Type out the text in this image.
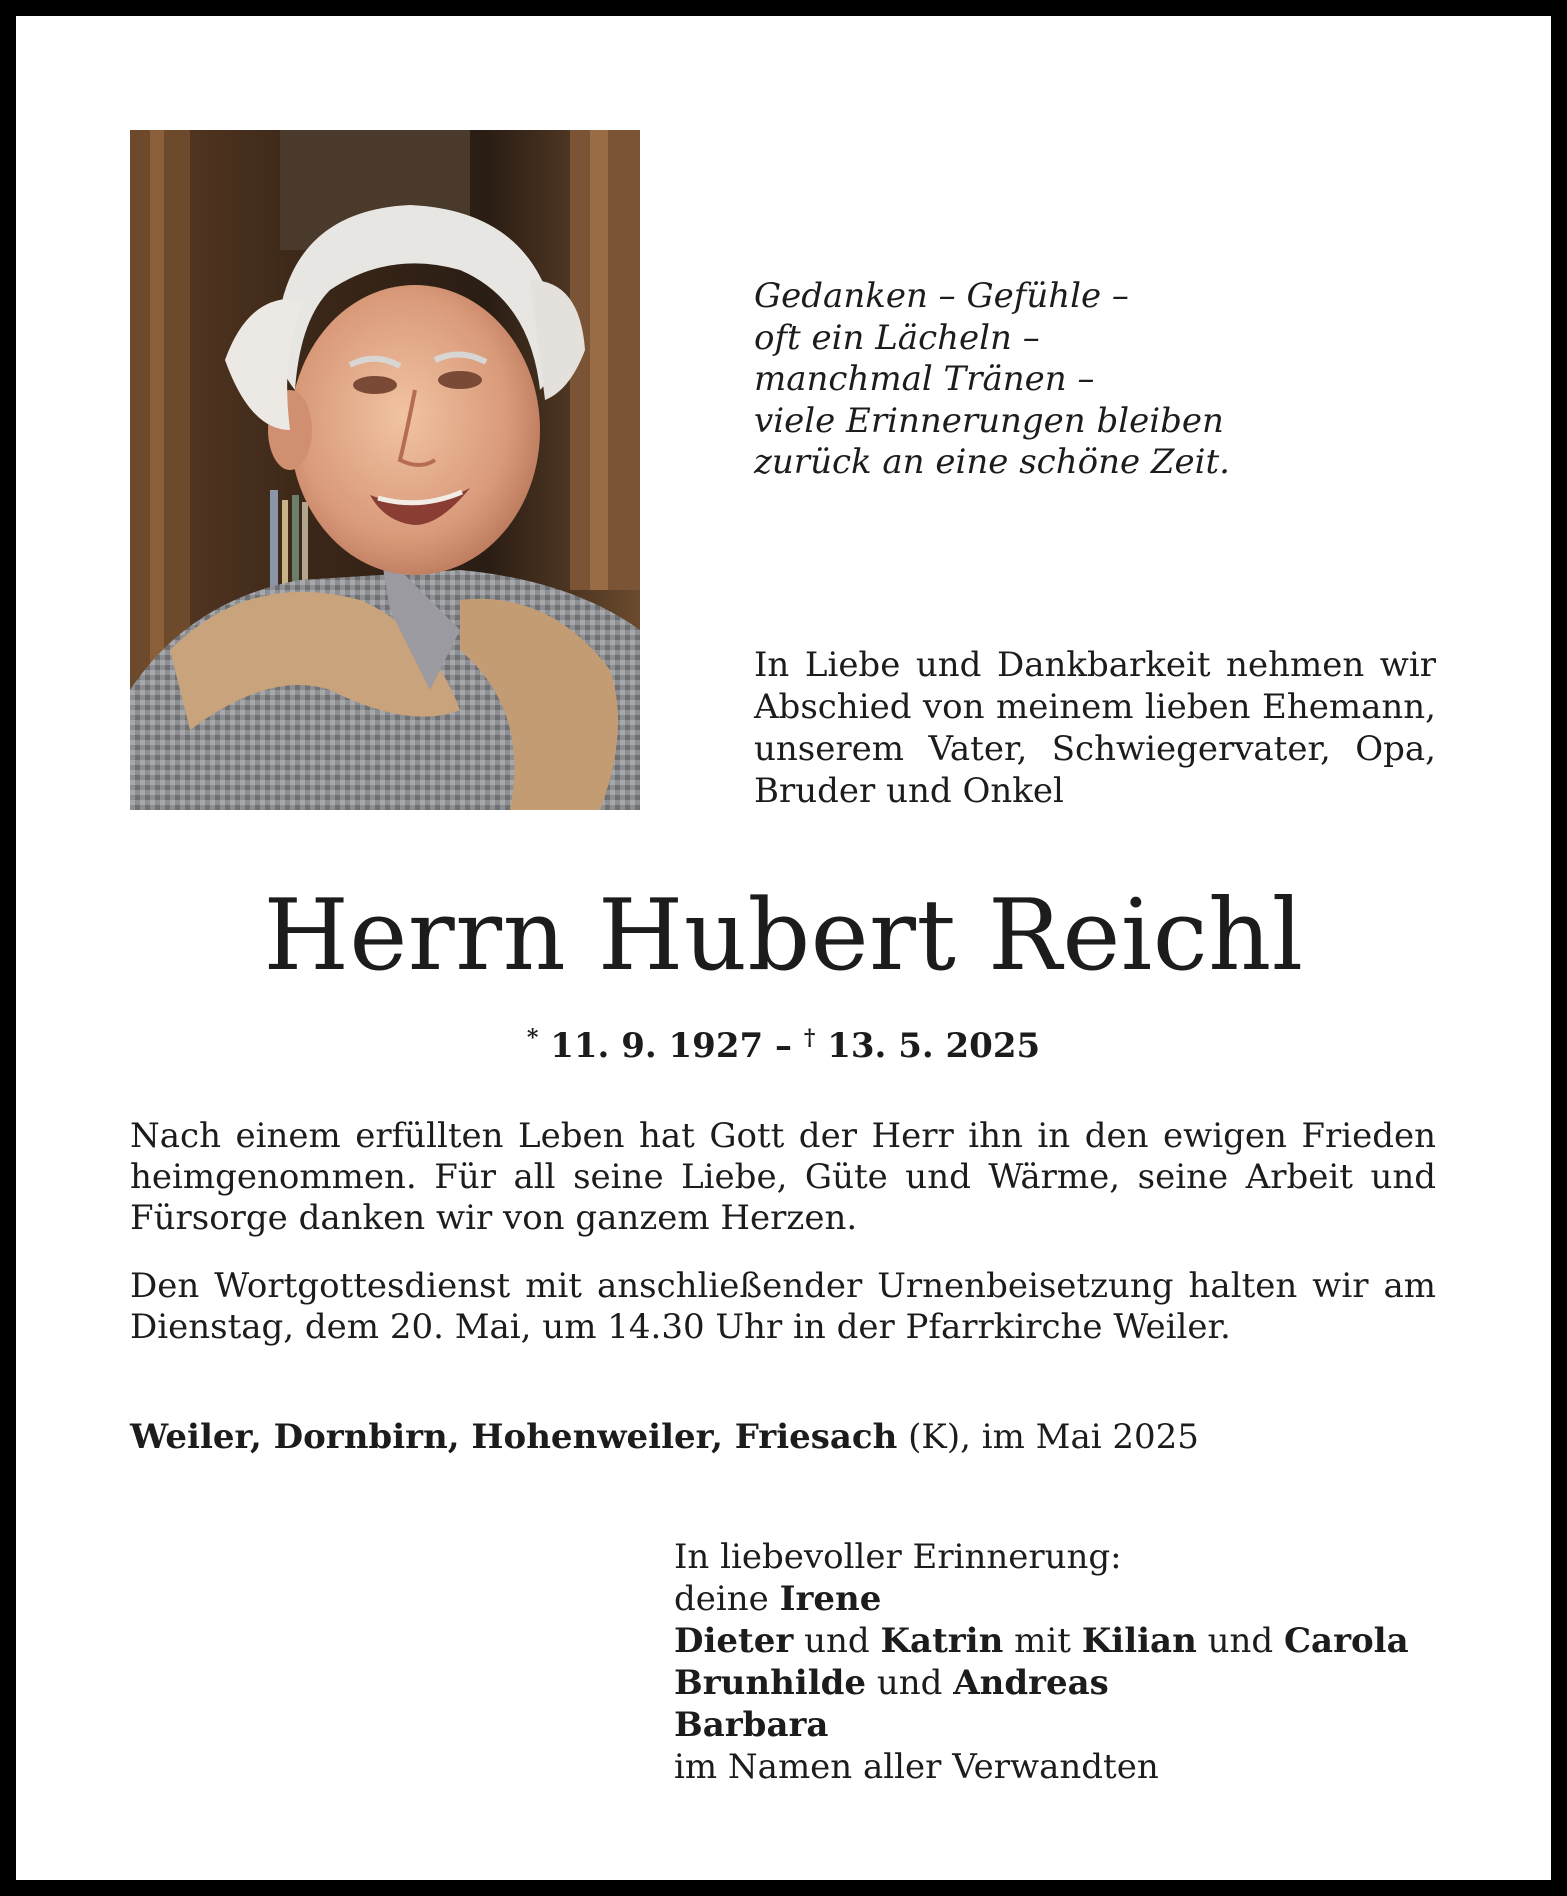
Gedanken – Gefühle –
oft ein Lächeln –
manchmal Tränen –
viele Erinnerungen bleiben
zurück an eine schöne Zeit.
In Liebe und Dankbarkeit nehmen wir Abschied von meinem lieben Ehemann, unserem Vater, Schwiegervater, Opa, Bruder und Onkel
Herrn Hubert Reichl
* 11. 9. 1927 – † 13. 5. 2025
Nach einem erfüllten Leben hat Gott der Herr ihn in den ewigen Frieden heimgenommen. Für all seine Liebe, Güte und Wärme, seine Arbeit und Fürsorge danken wir von ganzem Herzen.
Den Wortgottesdienst mit anschließender Urnenbeisetzung halten wir am Dienstag, dem 20. Mai, um 14.30 Uhr in der Pfarrkirche Weiler.
Weiler, Dornbirn, Hohenweiler, Friesach (K), im Mai 2025
In liebevoller Erinnerung:
deine Irene
Dieter und Katrin mit Kilian und Carola
Brunhilde und Andreas
Barbara
im Namen aller Verwandten
